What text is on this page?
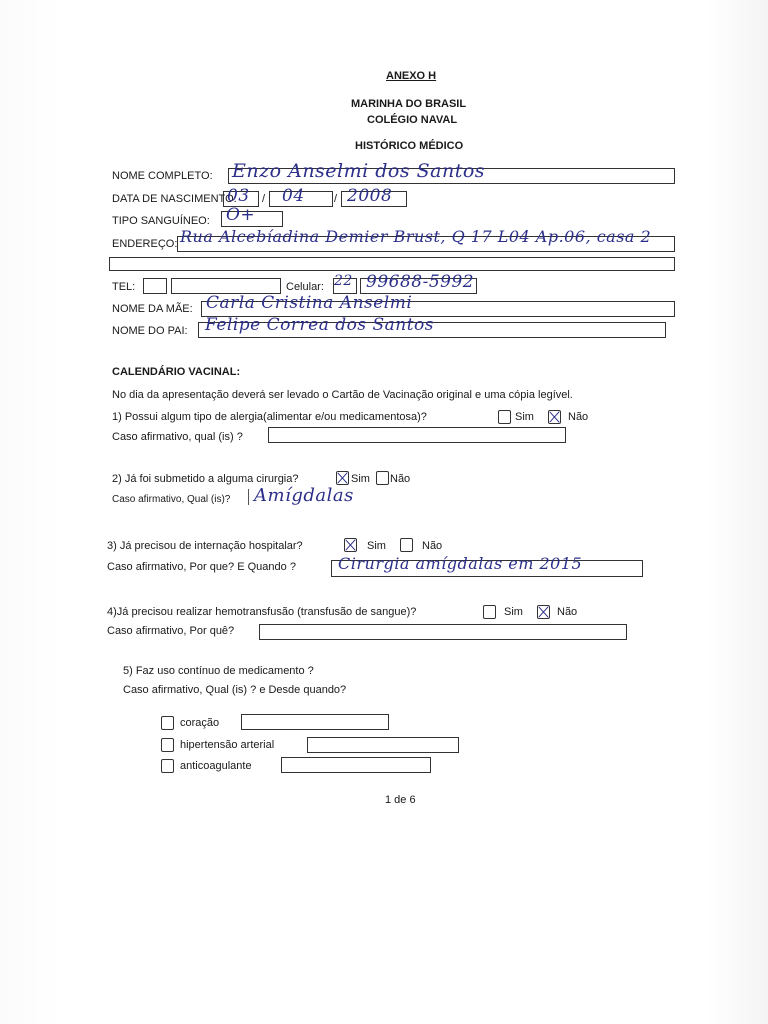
ANEXO H
MARINHA DO BRASIL
COLÉGIO NAVAL
HISTÓRICO MÉDICO
NOME COMPLETO: Enzo Anselmi dos Santos
DATA DE NASCIMENTO:
03 / 04	/ 2008
TIPO SANGUÍNEO: O+
ENDEREÇO: Rua Alcebíadina Demier Brust, Q 17 L04 Ap.06, casa 2
TEL:	Celular: 22 99688-5992
NOME DA MÃE: Carla Cristina Anselmi
NOME DO PAI: Felipe Correa dos Santos
CALENDÁRIO VACINAL:
No dia da apresentação deverá ser levado o Cartão de Vacinação original e uma cópia legível.
1) Possui algum tipo de alergia(alimentar e/ou medicamentosa)?	Sim	Não
Caso afirmativo, qual (is) ?
2) Já foi submetido a alguma cirurgia?	Sim Não
Caso afirmativo, Qual (is)? Amígdalas
3) Já precisou de internação hospitalar?	Sim	Não
Caso afirmativo, Por que? E Quando ?	Cirurgia amígdalas em 2015
4)Já precisou realizar hemotransfusão (transfusão de sangue)?	Sim	Não
Caso afirmativo, Por quê?
5) Faz uso contínuo de medicamento ?
Caso afirmativo, Qual (is) ? e Desde quando?
coração
hipertensão arterial
anticoagulante
1 de 6
